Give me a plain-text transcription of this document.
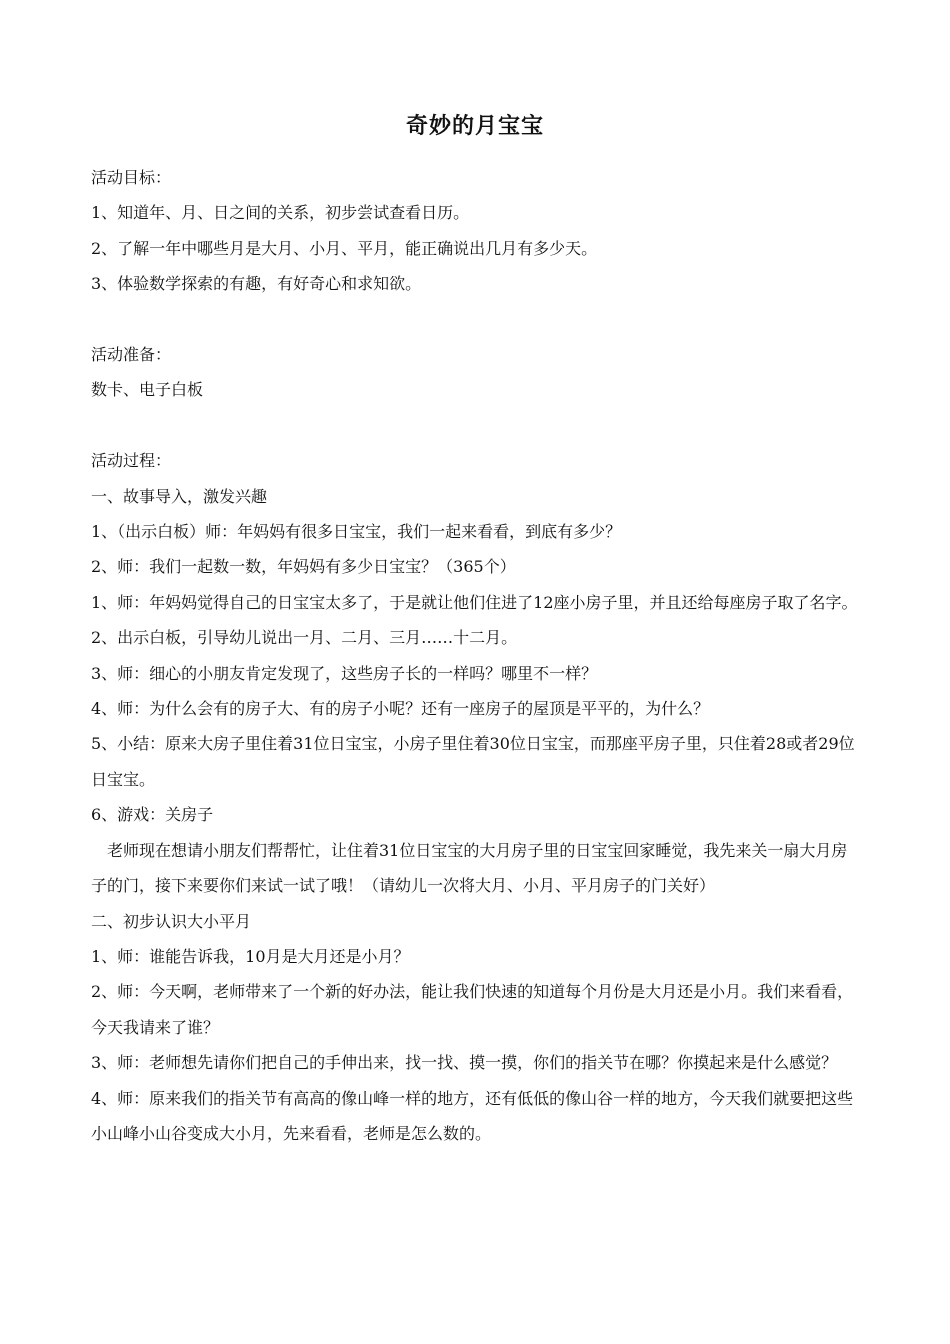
奇妙的月宝宝

活动目标：

1、知道年、月、日之间的关系，初步尝试查看日历。

2、了解一年中哪些月是大月、小月、平月，能正确说出几月有多少天。

3、体验数学探索的有趣，有好奇心和求知欲。

活动准备：

数卡、电子白板

活动过程：

一、故事导入，激发兴趣

1、（出示白板）师：年妈妈有很多日宝宝，我们一起来看看，到底有多少？

2、师：我们一起数一数，年妈妈有多少日宝宝？（365个）

1、师：年妈妈觉得自己的日宝宝太多了，于是就让他们住进了12座小房子里，并且还给每座房子取了名字。

2、出示白板，引导幼儿说出一月、二月、三月……十二月。

3、师：细心的小朋友肯定发现了，这些房子长的一样吗？哪里不一样？

4、师：为什么会有的房子大、有的房子小呢？还有一座房子的屋顶是平平的，为什么？

5、小结：原来大房子里住着31位日宝宝，小房子里住着30位日宝宝，而那座平房子里，只住着28或者29位日宝宝。

6、游戏：关房子

老师现在想请小朋友们帮帮忙，让住着31位日宝宝的大月房子里的日宝宝回家睡觉，我先来关一扇大月房子的门，接下来要你们来试一试了哦！（请幼儿一次将大月、小月、平月房子的门关好）

二、初步认识大小平月

1、师：谁能告诉我，10月是大月还是小月？

2、师：今天啊，老师带来了一个新的好办法，能让我们快速的知道每个月份是大月还是小月。我们来看看，今天我请来了谁？

3、师：老师想先请你们把自己的手伸出来，找一找、摸一摸，你们的指关节在哪？你摸起来是什么感觉？

4、师：原来我们的指关节有高高的像山峰一样的地方，还有低低的像山谷一样的地方，今天我们就要把这些小山峰小山谷变成大小月，先来看看，老师是怎么数的。
